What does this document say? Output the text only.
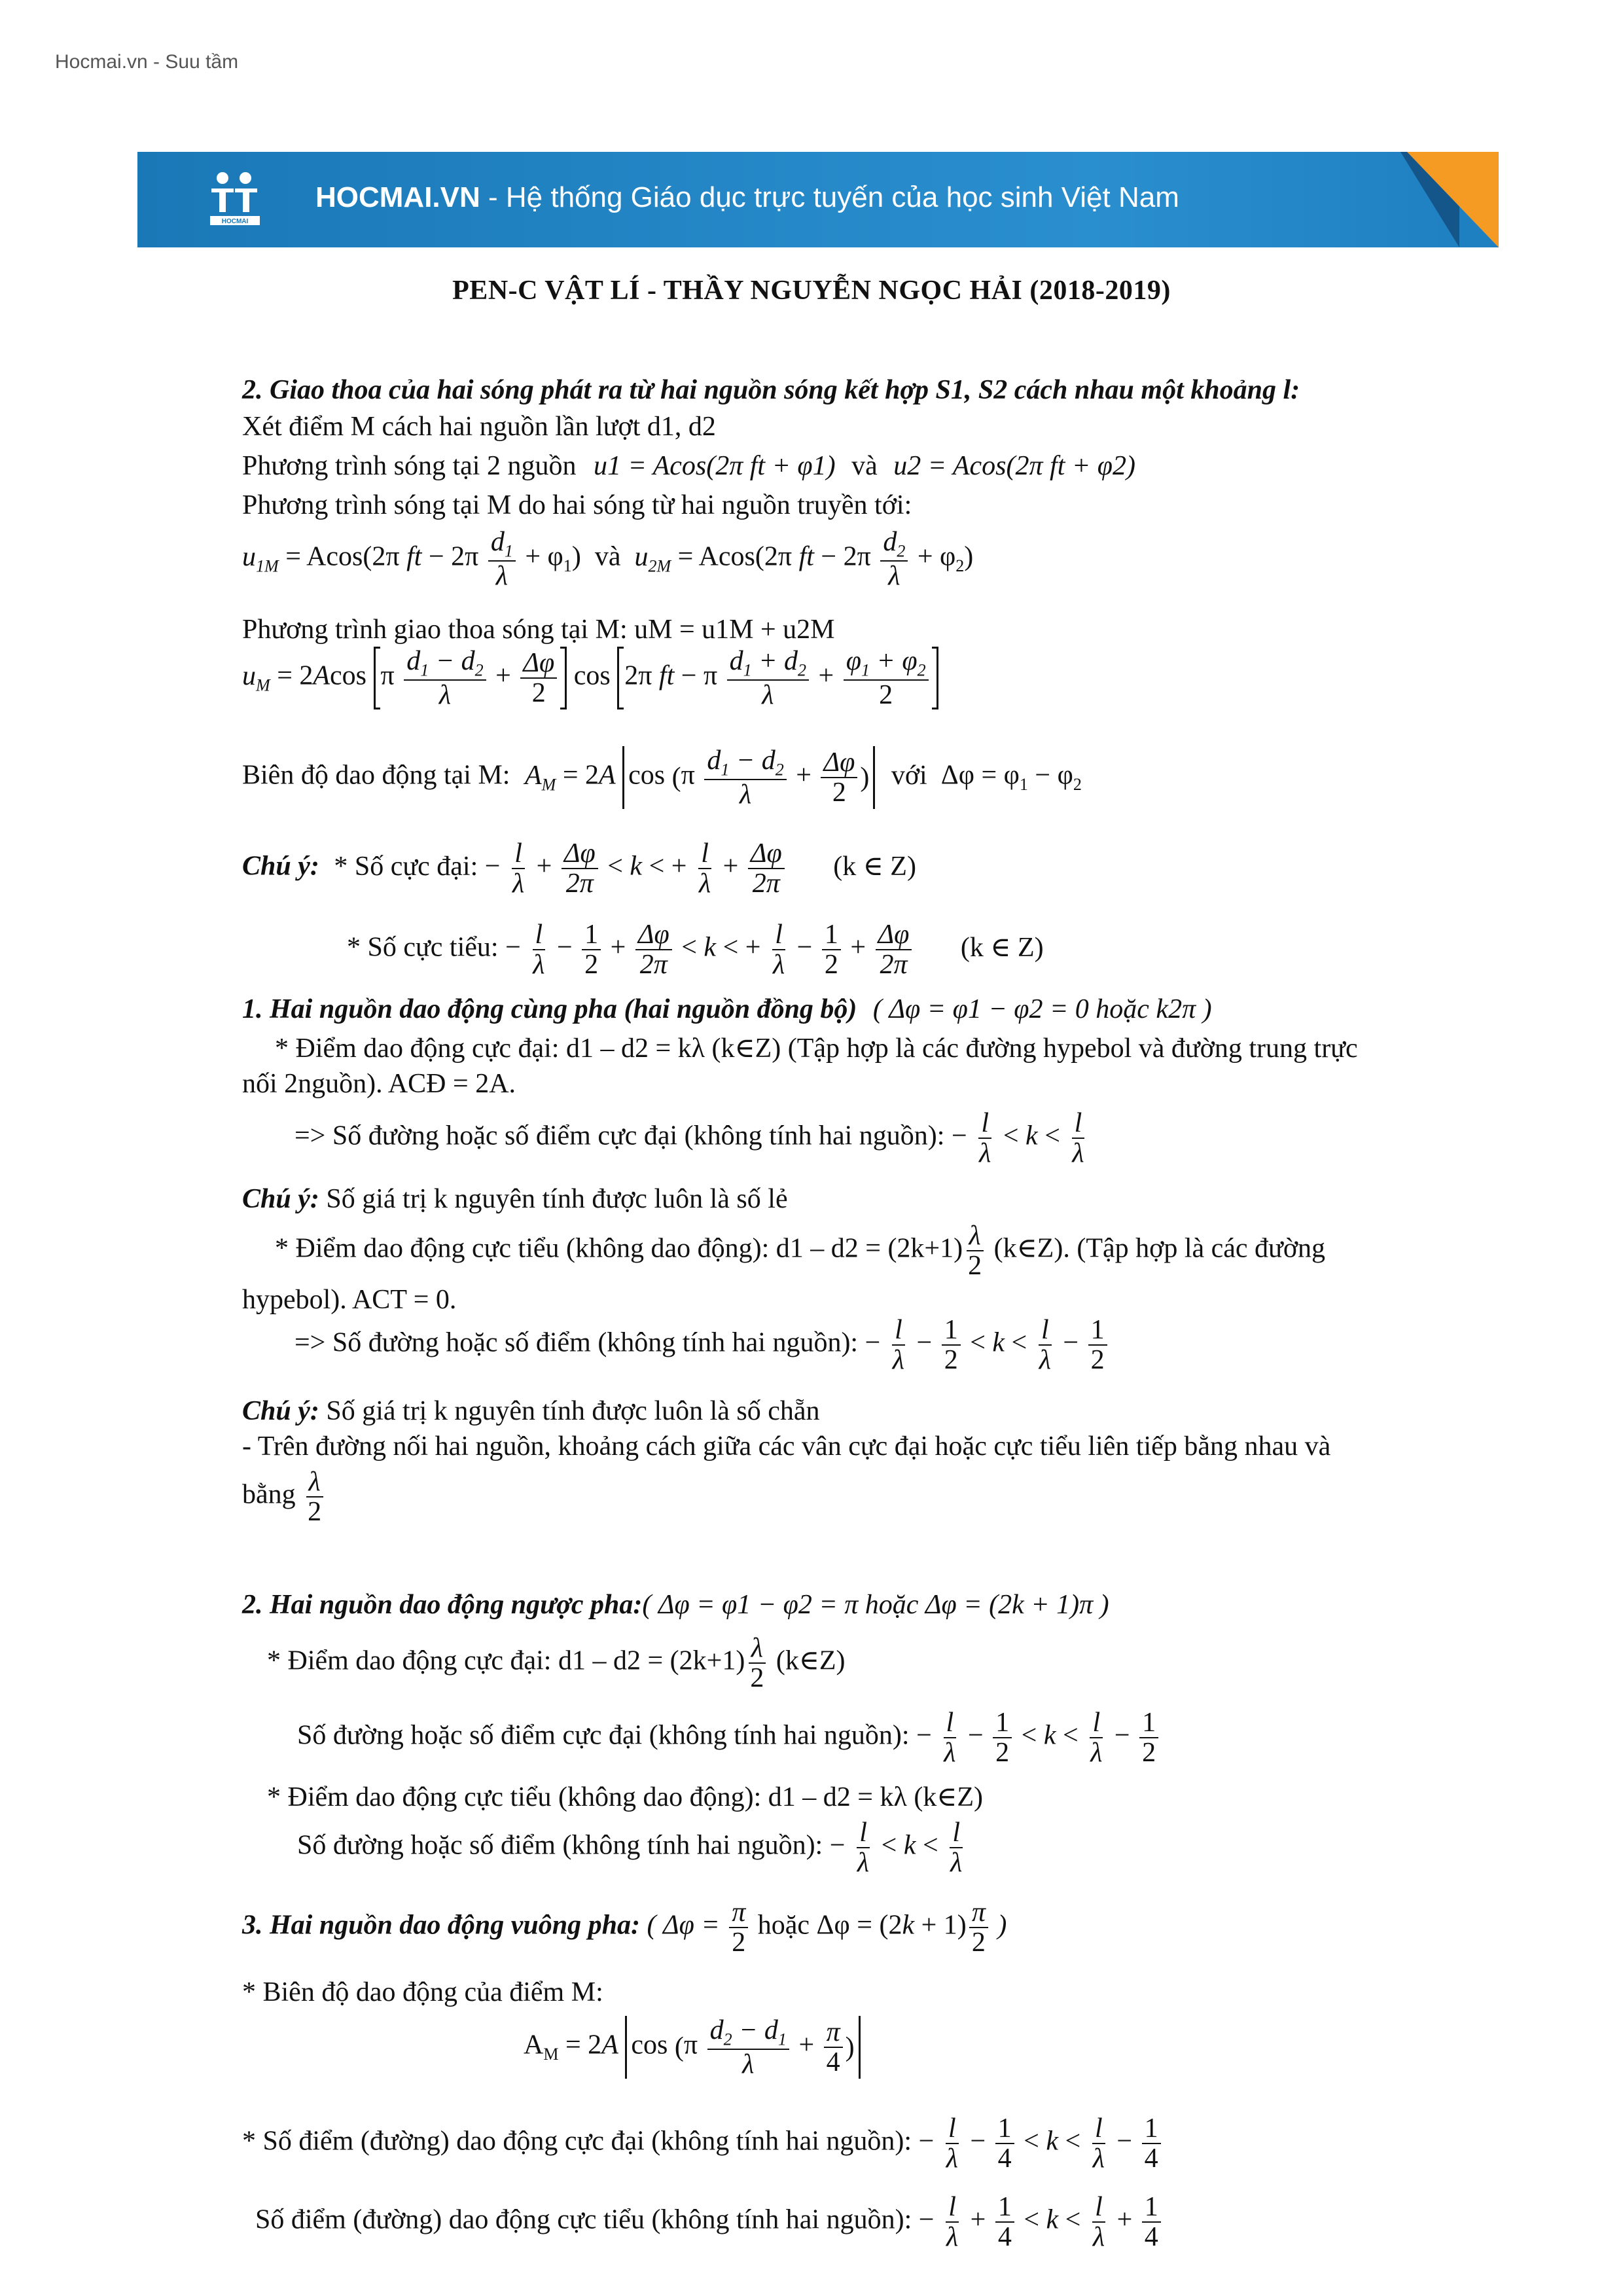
Hocmai.vn - Suu tầm
HOCMAI
HOCMAI.VN - Hệ thống Giáo dục trực tuyến của học sinh Việt Nam
PEN-C VẬT LÍ - THẦY NGUYỄN NGỌC HẢI (2018-2019)
2. Giao thoa của hai sóng phát ra từ hai nguồn sóng kết hợp S1, S2 cách nhau một khoảng l:
Xét điểm M cách hai nguồn lần lượt d1, d2
Phương trình sóng tại 2 nguồn u1 = Acos(2π ft + φ1) và u2 = Acos(2π ft + φ2)
Phương trình sóng tại M do hai sóng từ hai nguồn truyền tới:
$u_{1M} = Acos(2\pi$ ft − $2\pi \frac{d_1}{\lambda} + \varphi_1$)  và $u_{2M} = Acos(2\pi$ ft − $2\pi \frac{d_2}{\lambda} + \varphi_2$)
Phương trình giao thoa sóng tại M: uM = u1M + u2M
$u_M = 2Acos$ π $\frac{d_1 - d_2}{\lambda} + \frac{\Delta\varphi}{2}$ cos 2π ft − π $\frac{d_1 + d_2}{\lambda} + \frac{\varphi_1 + \varphi_2}{2}$
Biên độ dao động tại M: $A_M = 2A$ $\cos (\pi \frac{d_1 - d_2}{\lambda} + \frac{\Delta\varphi}{2}$ ) với  $\Delta\varphi = \varphi_1 - \varphi_2$
Chú ý: * Số cực đại: − $\frac{l}{\lambda} + \frac{\Delta\varphi}{2\pi} < k$ < + $\frac{l}{\lambda} + \frac{\Delta\varphi}{2\pi} (k$ ∈ Z)
* Số cực tiểu: − $\frac{l}{\lambda} - \frac{1}{2} + \frac{\Delta\varphi}{2\pi} < k$ < + $\frac{l}{\lambda} - \frac{1}{2} + \frac{\Delta\varphi}{2\pi} (k$ ∈ Z)
1. Hai nguồn dao động cùng pha (hai nguồn đồng bộ) ( Δφ = φ1 − φ2 = 0 hoặc k2π )
* Điểm dao động cực đại: d1 – d2 = kλ (k∈Z) (Tập hợp là các đường hypebol và đường trung trực
nối 2nguồn). ACĐ = 2A.
=> Số đường hoặc số điểm cực đại (không tính hai nguồn): − $\frac{l}{\lambda} < k < \frac{l}{\lambda}$
Chú ý: Số giá trị k nguyên tính được luôn là số lẻ
* Điểm dao động cực tiểu (không dao động): $d1 - d2 = (2k+1) \frac{\lambda}{2}$ (k∈Z). (Tập hợp là các đường
hypebol). ACT = 0.
=> Số đường hoặc số điểm (không tính hai nguồn): − $\frac{l}{\lambda} - \frac{1}{2} < k < \frac{l}{\lambda} - \frac{1}{2}$
Chú ý: Số giá trị k nguyên tính được luôn là số chẵn
- Trên đường nối hai nguồn, khoảng cách giữa các vân cực đại hoặc cực tiểu liên tiếp bằng nhau và
bằng $\frac{\lambda}{2}$
2. Hai nguồn dao động ngược pha:( Δφ = φ1 − φ2 = π hoặc Δφ = (2k + 1)π )
* Điểm dao động cực đại: $d1 - d2 = (2k+1) \frac{\lambda}{2}$ (k∈Z)
Số đường hoặc số điểm cực đại (không tính hai nguồn): − $\frac{l}{\lambda} - \frac{1}{2} < k < \frac{l}{\lambda} - \frac{1}{2}$
* Điểm dao động cực tiểu (không dao động): d1 – d2 = kλ (k∈Z)
Số đường hoặc số điểm (không tính hai nguồn): − $\frac{l}{\lambda} < k < \frac{l}{\lambda}$
3. Hai nguồn dao động vuông pha: ( $\Delta\varphi = \frac{\pi}{2}$ hoặc $\Delta\varphi = (2k + 1) \frac{\pi}{2}$ )
* Biên độ dao động của điểm M:
$A_M = 2A$ $\cos (\pi \frac{d_2 - d_1}{\lambda} + \frac{\pi}{4}$ )
* Số điểm (đường) dao động cực đại (không tính hai nguồn): − $\frac{l}{\lambda} - \frac{1}{4} < k < \frac{l}{\lambda} - \frac{1}{4}$
Số điểm (đường) dao động cực tiểu (không tính hai nguồn): − $\frac{l}{\lambda} + \frac{1}{4} < k < \frac{l}{\lambda} + \frac{1}{4}$
